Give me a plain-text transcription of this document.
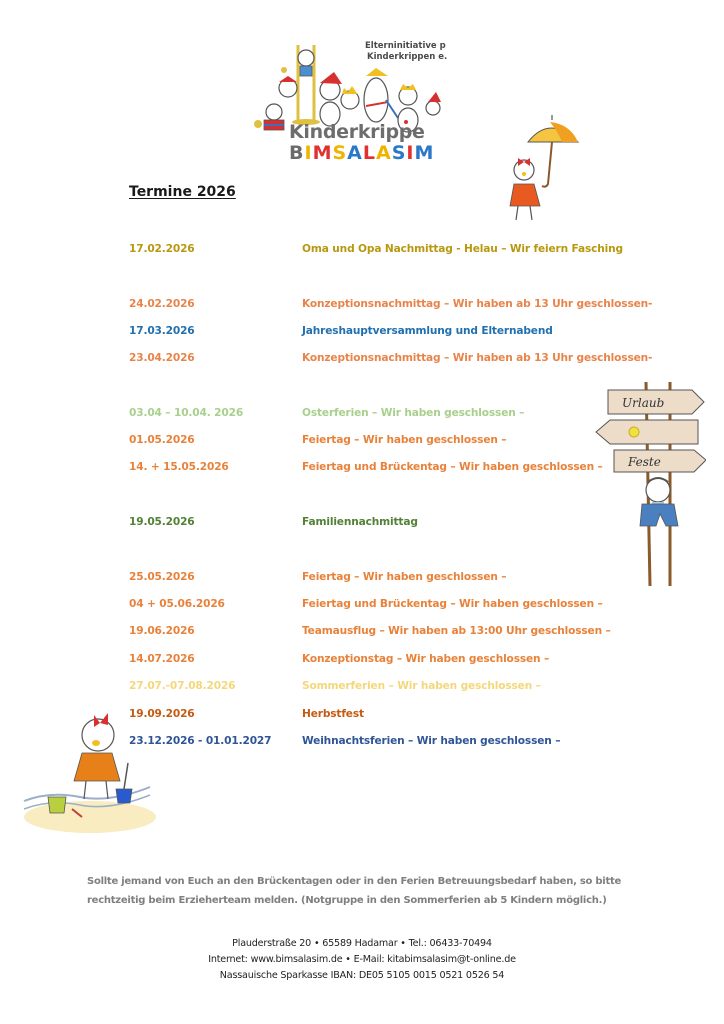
Elterninitiative p
Kinderkrippen e.
Kinderkrippe
BIMSALASIM
Termine 2026
17.02.2026	Oma und Opa Nachmittag - Helau – Wir feiern Fasching
24.02.2026	Konzeptionsnachmittag – Wir haben ab 13 Uhr geschlossen-
17.03.2026	Jahreshauptversammlung und Elternabend
23.04.2026	Konzeptionsnachmittag – Wir haben ab 13 Uhr geschlossen-
03.04 – 10.04. 2026	Osterferien – Wir haben geschlossen –
01.05.2026	Feiertag – Wir haben geschlossen –
14. + 15.05.2026	Feiertag und Brückentag – Wir haben geschlossen –
19.05.2026	Familiennachmittag
25.05.2026	Feiertag – Wir haben geschlossen –
04 + 05.06.2026	Feiertag und Brückentag – Wir haben geschlossen –
19.06.2026	Teamausflug – Wir haben ab 13:00 Uhr geschlossen –
14.07.2026	Konzeptionstag – Wir haben geschlossen –
27.07.-07.08.2026	Sommerferien – Wir haben geschlossen –
19.09.2026	Herbstfest
23.12.2026 - 01.01.2027	Weihnachtsferien – Wir haben geschlossen –
Urlaub
Feste
Sollte jemand von Euch an den Brückentagen oder in den Ferien Betreuungsbedarf haben, so bitte
rechtzeitig beim Erzieherteam melden. (Notgruppe in den Sommerferien ab 5 Kindern möglich.)
Plauderstraße 20 • 65589 Hadamar • Tel.: 06433-70494
Internet: www.bimsalasim.de • E-Mail: kitabimsalasim@t-online.de
Nassauische Sparkasse IBAN: DE05 5105 0015 0521 0526 54
